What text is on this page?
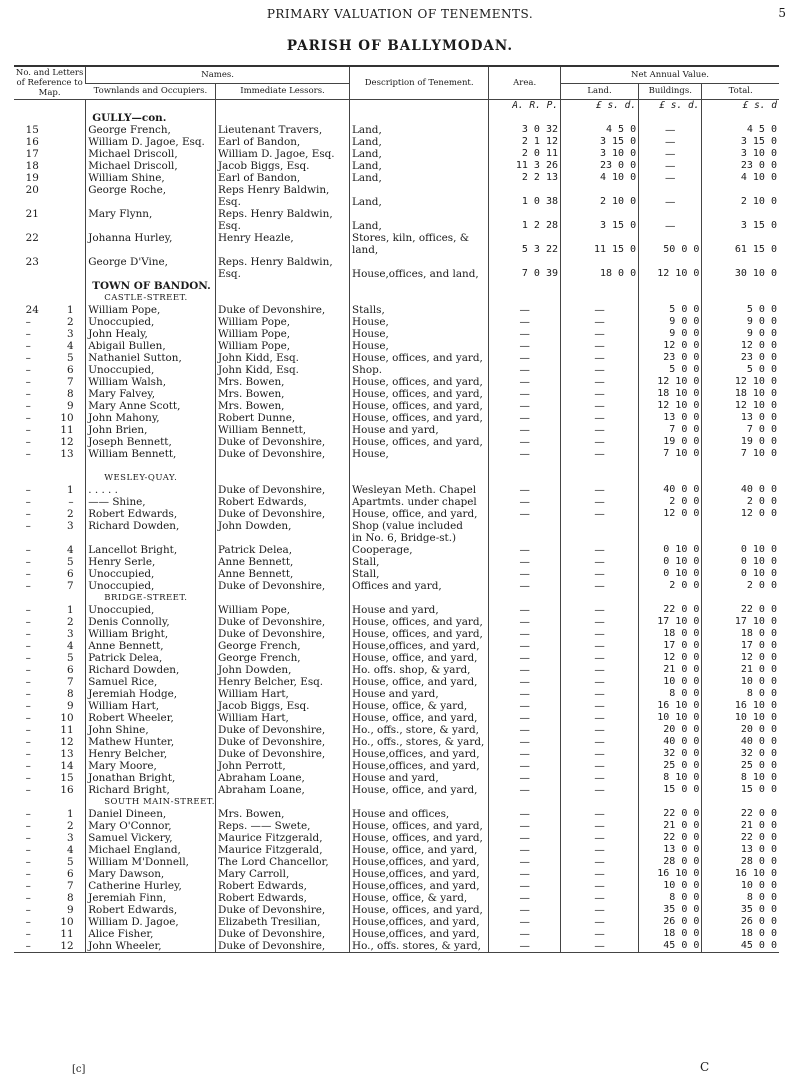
PRIMARY VALUATION OF TENEMENTS.	5
PARISH OF BALLYMODAN.
No. and Letters of Reference to Map.	Names.		Description of Tenement.	Area.	Net Annual Value.		
	Townlands and Occupiers.	Immediate Lessors.			Land.	Buildings.	Total.
				A. R. P.	£ s. d.	£ s. d.	£ s. d
	GULLY—con.						
15	George French,	Lieutenant Travers,	Land,	3 0 32	4 5 0	—	4 5 0
16	William D. Jagoe, Esq.	Earl of Bandon,	Land,	2 1 12	3 15 0	—	3 15 0
17	Michael Driscoll,	William D. Jagoe, Esq.	Land,	2 0 11	3 10 0	—	3 10 0
18	Michael Driscoll,	Jacob Biggs, Esq.	Land,	11 3 26	23 0 0	—	23 0 0
19	William Shine,	Earl of Bandon,	Land,	2 2 13	4 10 0	—	4 10 0
20	George Roche,	Reps Henry Baldwin,					
		Esq.	Land,	1 0 38	2 10 0	—	2 10 0
21	Mary Flynn,	Reps. Henry Baldwin,					
		Esq.	Land,	1 2 28	3 15 0	—	3 15 0
22	Johanna Hurley,	Henry Heazle,	Stores, kiln, offices, &				
			land,	5 3 22	11 15 0	50 0 0	61 15 0
23	George D'Vine,	Reps. Henry Baldwin,					
		Esq.	House,offices, and land,	7 0 39	18 0 0	12 10 0	30 10 0
	TOWN OF BANDON.						
	CASTLE-STREET.						
24 1	William Pope,	Duke of Devonshire,	Stalls,	—	—	5 0 0	5 0 0
– 2	Unoccupied,	William Pope,	House,	—	—	9 0 0	9 0 0
– 3	John Healy,	William Pope,	House,	—	—	9 0 0	9 0 0
– 4	Abigail Bullen,	William Pope,	House,	—	—	12 0 0	12 0 0
– 5	Nathaniel Sutton,	John Kidd, Esq.	House, offices, and yard,	—	—	23 0 0	23 0 0
– 6	Unoccupied,	John Kidd, Esq.	Shop.	—	—	5 0 0	5 0 0
– 7	William Walsh,	Mrs. Bowen,	House, offices, and yard,	—	—	12 10 0	12 10 0
– 8	Mary Falvey,	Mrs. Bowen,	House, offices, and yard,	—	—	18 10 0	18 10 0
– 9	Mary Anne Scott,	Mrs. Bowen,	House, offices, and yard,	—	—	12 10 0	12 10 0
– 10	John Mahony,	Robert Dunne,	House, offices, and yard,	—	—	13 0 0	13 0 0
– 11	John Brien,	William Bennett,	House and yard,	—	—	7 0 0	7 0 0
– 12	Joseph Bennett,	Duke of Devonshire,	House, offices, and yard,	—	—	19 0 0	19 0 0
– 13	William Bennett,	Duke of Devonshire,	House,	—	—	7 10 0	7 10 0

	WESLEY-QUAY.						
– 1	. . . . .	Duke of Devonshire,	Wesleyan Meth. Chapel	—	—	40 0 0	40 0 0
– –	—— Shine,	Robert Edwards,	Apartmts. under chapel	—	—	2 0 0	2 0 0
– 2	Robert Edwards,	Duke of Devonshire,	House, office, and yard,	—	—	12 0 0	12 0 0
– 3	Richard Dowden,	John Dowden,	Shop (value included				
			in No. 6, Bridge-st.)				
– 4	Lancellot Bright,	Patrick Delea,	Cooperage,	—	—	0 10 0	0 10 0
– 5	Henry Serle,	Anne Bennett,	Stall,	—	—	0 10 0	0 10 0
– 6	Unoccupied,	Anne Bennett,	Stall,	—	—	0 10 0	0 10 0
– 7	Unoccupied,	Duke of Devonshire,	Offices and yard,	—	—	2 0 0	2 0 0
	BRIDGE-STREET.						
– 1	Unoccupied,	William Pope,	House and yard,	—	—	22 0 0	22 0 0
– 2	Denis Connolly,	Duke of Devonshire,	House, offices, and yard,	—	—	17 10 0	17 10 0
– 3	William Bright,	Duke of Devonshire,	House, offices, and yard,	—	—	18 0 0	18 0 0
– 4	Anne Bennett,	George French,	House,offices, and yard,	—	—	17 0 0	17 0 0
– 5	Patrick Delea,	George French,	House, office, and yard,	—	—	12 0 0	12 0 0
– 6	Richard Dowden,	John Dowden,	Ho. offs. shop, & yard,	—	—	21 0 0	21 0 0
– 7	Samuel Rice,	Henry Belcher, Esq.	House, office, and yard,	—	—	10 0 0	10 0 0
– 8	Jeremiah Hodge,	William Hart,	House and yard,	—	—	8 0 0	8 0 0
– 9	William Hart,	Jacob Biggs, Esq.	House, office, & yard,	—	—	16 10 0	16 10 0
– 10	Robert Wheeler,	William Hart,	House, office, and yard,	—	—	10 10 0	10 10 0
– 11	John Shine,	Duke of Devonshire,	Ho., offs., store, & yard,	—	—	20 0 0	20 0 0
– 12	Mathew Hunter,	Duke of Devonshire,	Ho., offs., stores, & yard,	—	—	40 0 0	40 0 0
– 13	Henry Belcher,	Duke of Devonshire,	House,offices, and yard,	—	—	32 0 0	32 0 0
– 14	Mary Moore,	John Perrott,	House,offices, and yard,	—	—	25 0 0	25 0 0
– 15	Jonathan Bright,	Abraham Loane,	House and yard,	—	—	8 10 0	8 10 0
– 16	Richard Bright,	Abraham Loane,	House, office, and yard,	—	—	15 0 0	15 0 0
	SOUTH MAIN-STREET.						
– 1	Daniel Dineen,	Mrs. Bowen,	House and offices,	—	—	22 0 0	22 0 0
– 2	Mary O'Connor,	Reps. —— Swete,	House, offices, and yard,	—	—	21 0 0	21 0 0
– 3	Samuel Vickery,	Maurice Fitzgerald,	House, offices, and yard,	—	—	22 0 0	22 0 0
– 4	Michael England,	Maurice Fitzgerald,	House, office, and yard,	—	—	13 0 0	13 0 0
– 5	William M'Donnell,	The Lord Chancellor,	House,offices, and yard,	—	—	28 0 0	28 0 0
– 6	Mary Dawson,	Mary Carroll,	House,offices, and yard,	—	—	16 10 0	16 10 0
– 7	Catherine Hurley,	Robert Edwards,	House,offices, and yard,	—	—	10 0 0	10 0 0
– 8	Jeremiah Finn,	Robert Edwards,	House, office, & yard,	—	—	8 0 0	8 0 0
– 9	Robert Edwards,	Duke of Devonshire,	House, offices, and yard,	—	—	35 0 0	35 0 0
– 10	William D. Jagoe,	Elizabeth Tresilian,	House,offices, and yard,	—	—	26 0 0	26 0 0
– 11	Alice Fisher,	Duke of Devonshire,	House,offices, and yard,	—	—	18 0 0	18 0 0
– 12	John Wheeler,	Duke of Devonshire,	Ho., offs. stores, & yard,	—	—	45 0 0	45 0 0
[c]	C
